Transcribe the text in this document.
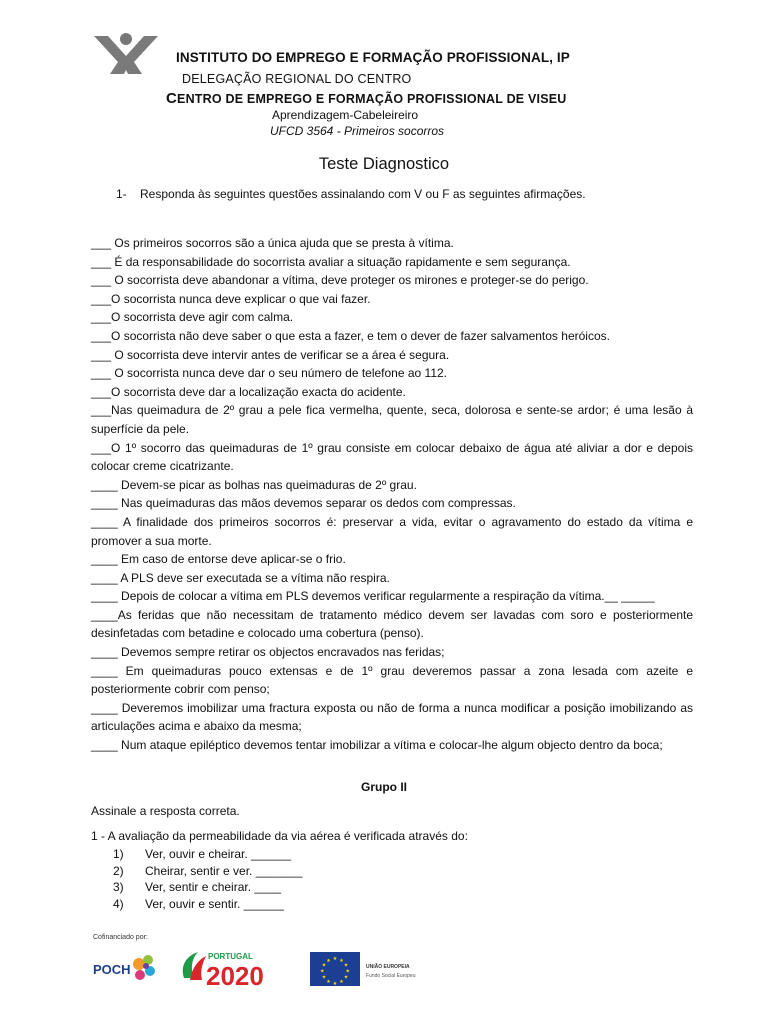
INSTITUTO DO EMPREGO E FORMAÇÃO PROFISSIONAL, IP
DELEGAÇÃO REGIONAL DO CENTRO
CENTRO DE EMPREGO E FORMAÇÃO PROFISSIONAL DE VISEU
Aprendizagem-Cabeleireiro
UFCD 3564 - Primeiros socorros
Teste Diagnostico
1- Responda às seguintes questões assinalando com V ou F as seguintes afirmações.

___ Os primeiros socorros são a única ajuda que se presta à vítima.

___ É da responsabilidade do socorrista avaliar a situação rapidamente e sem segurança.

___ O socorrista deve abandonar a vítima, deve proteger os mirones e proteger-se do perigo.

___O socorrista nunca deve explicar o que vai fazer.

___O socorrista deve agir com calma.

___O socorrista não deve saber o que esta a fazer, e tem o dever de fazer salvamentos heróicos.

___ O socorrista deve intervir antes de verificar se a área é segura.

___ O socorrista nunca deve dar o seu número de telefone ao 112.

___O socorrista deve dar a localização exacta do acidente.

___Nas queimadura de 2º grau a pele fica vermelha, quente, seca, dolorosa e sente-se ardor; é uma lesão à superfície da pele.

___O 1º socorro das queimaduras de 1º grau consiste em colocar debaixo de água até aliviar a dor e depois colocar creme cicatrizante.

____ Devem-se picar as bolhas nas queimaduras de 2º grau.

____ Nas queimaduras das mãos devemos separar os dedos com compressas.

____ A finalidade dos primeiros socorros é: preservar a vida, evitar o agravamento do estado da vítima e promover a sua morte.

____ Em caso de entorse deve aplicar-se o frio.

____ A PLS deve ser executada se a vítima não respira.

____ Depois de colocar a vítima em PLS devemos verificar regularmente a respiração da vítima.__ _____

____As feridas que não necessitam de tratamento médico devem ser lavadas com soro e posteriormente desinfetadas com betadine e colocado uma cobertura (penso).

____ Devemos sempre retirar os objectos encravados nas feridas;

____ Em queimaduras pouco extensas e de 1º grau deveremos passar a zona lesada com azeite e posteriormente cobrir com penso;

____ Deveremos imobilizar uma fractura exposta ou não de forma a nunca modificar a posição imobilizando as articulações acima e abaixo da mesma;

____ Num ataque epiléptico devemos tentar imobilizar a vítima e colocar-lhe algum objecto dentro da boca;

Grupo II
Assinale a resposta correta.
1 - A avaliação da permeabilidade da via aérea é verificada através do:
1) Ver, ouvir e cheirar. ______
2) Cheirar, sentir e ver. _______
3) Ver, sentir e cheirar. ____
4) Ver, ouvir e sentir. ______
Cofinanciado por:
POCH
PORTUGAL
2020
★ ★
★
★
★
★
★
★
★
★
★
★
UNIÃO EUROPEIA
Fundo Social Europeu
